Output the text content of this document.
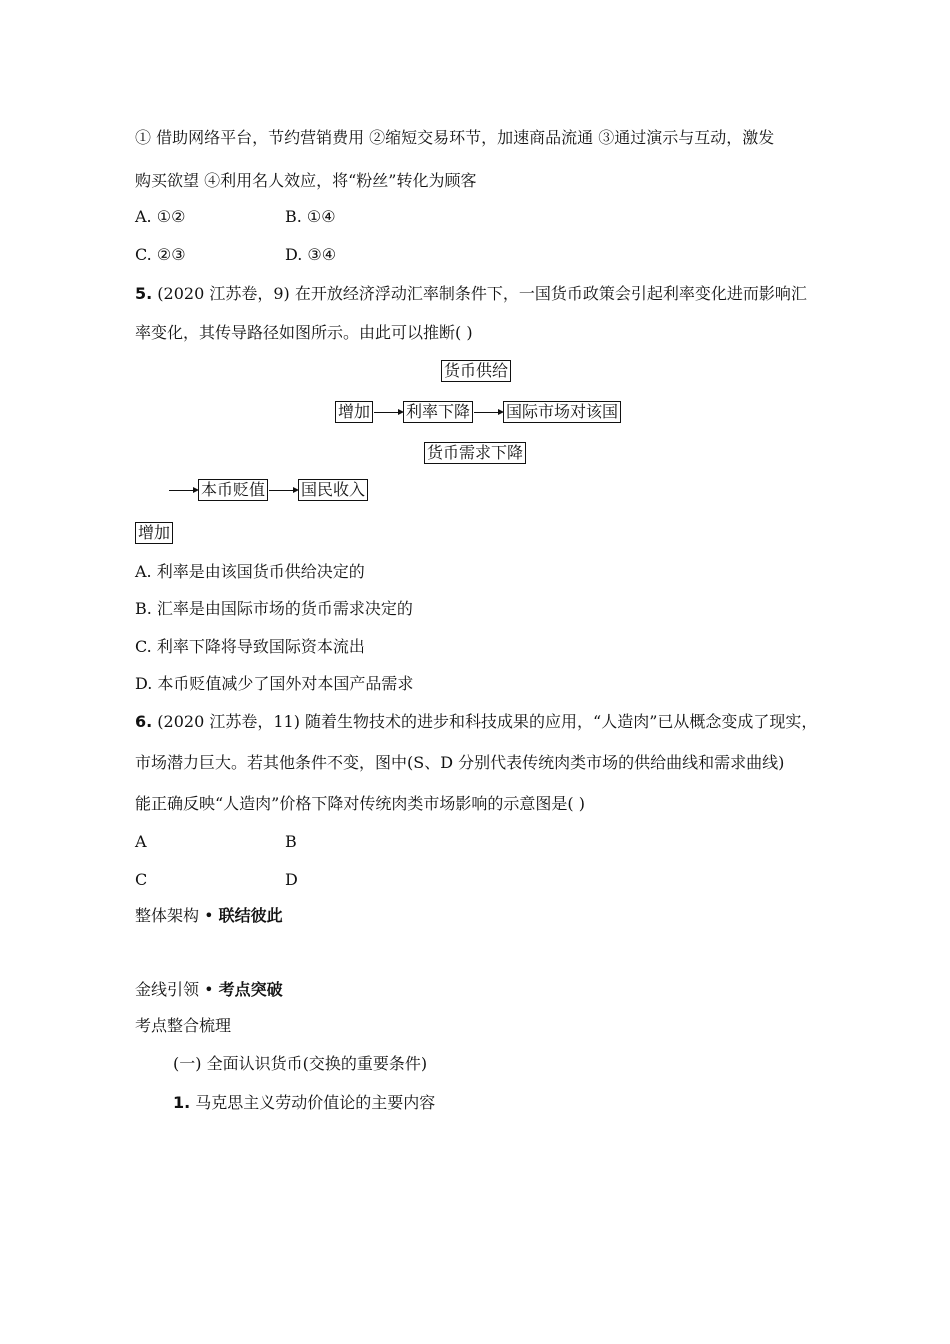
① 借助网络平台，节约营销费用 ②缩短交易环节，加速商品流通 ③通过演示与互动，激发
购买欲望 ④利用名人效应，将“粉丝”转化为顾客
A. ①②	B. ①④
C. ②③	D. ③④
5. (2020 江苏卷，9) 在开放经济浮动汇率制条件下，一国货币政策会引起利率变化进而影响汇
率变化，其传导路径如图所示。由此可以推断( )
货币供给
增加 利率下降 国际市场对该国
货币需求下降
本币贬值 国民收入
增加
A. 利率是由该国货币供给决定的
B. 汇率是由国际市场的货币需求决定的
C. 利率下降将导致国际资本流出
D. 本币贬值减少了国外对本国产品需求
6. (2020 江苏卷，11) 随着生物技术的进步和科技成果的应用，“人造肉”已从概念变成了现实，
市场潜力巨大。若其他条件不变，图中(S、D 分别代表传统肉类市场的供给曲线和需求曲线)
能正确反映“人造肉”价格下降对传统肉类市场影响的示意图是( )
A	B
C	D
整体架构 • 联结彼此
金线引领 • 考点突破
考点整合梳理
(一) 全面认识货币(交换的重要条件)
1. 马克思主义劳动价值论的主要内容
